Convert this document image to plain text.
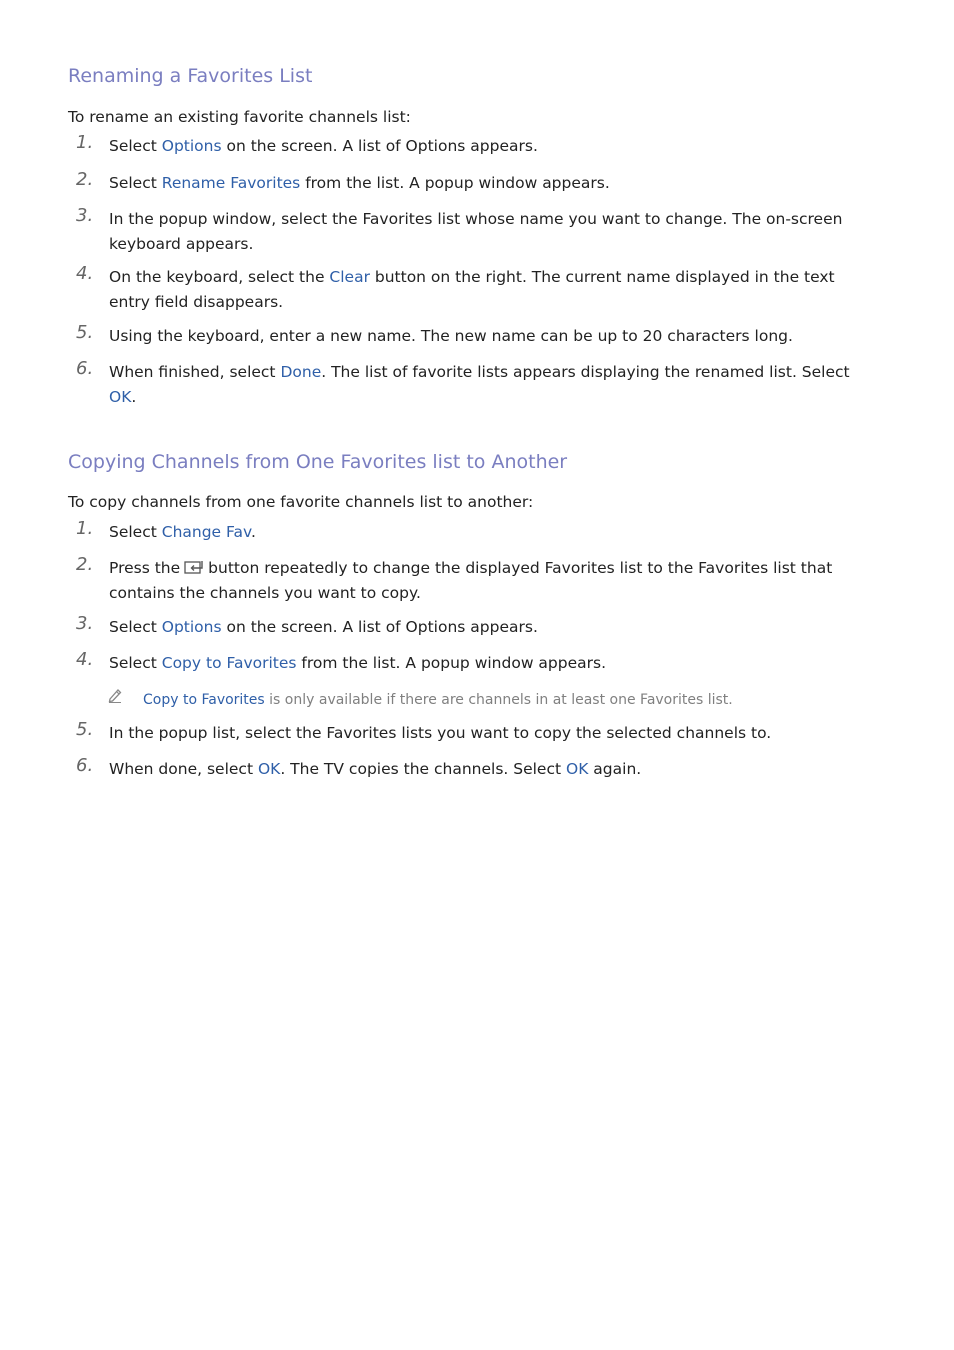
Renaming a Favorites List

To rename an existing favorite channels list:

1. Select Options on the screen. A list of Options appears.
2. Select Rename Favorites from the list. A popup window appears.
3. In the popup window, select the Favorites list whose name you want to change. The on-screen keyboard appears.
4. On the keyboard, select the Clear button on the right. The current name displayed in the text entry field disappears.
5. Using the keyboard, enter a new name. The new name can be up to 20 characters long.
6. When finished, select Done. The list of favorite lists appears displaying the renamed list. Select OK.
Copying Channels from One Favorites list to Another

To copy channels from one favorite channels list to another:

1. Select Change Fav.
2. Press the button repeatedly to change the displayed Favorites list to the Favorites list that contains the channels you want to copy.
3. Select Options on the screen. A list of Options appears.
4. Select Copy to Favorites from the list. A popup window appears.
Copy to Favorites is only available if there are channels in at least one Favorites list.
5. In the popup list, select the Favorites lists you want to copy the selected channels to.
6. When done, select OK. The TV copies the channels. Select OK again.
